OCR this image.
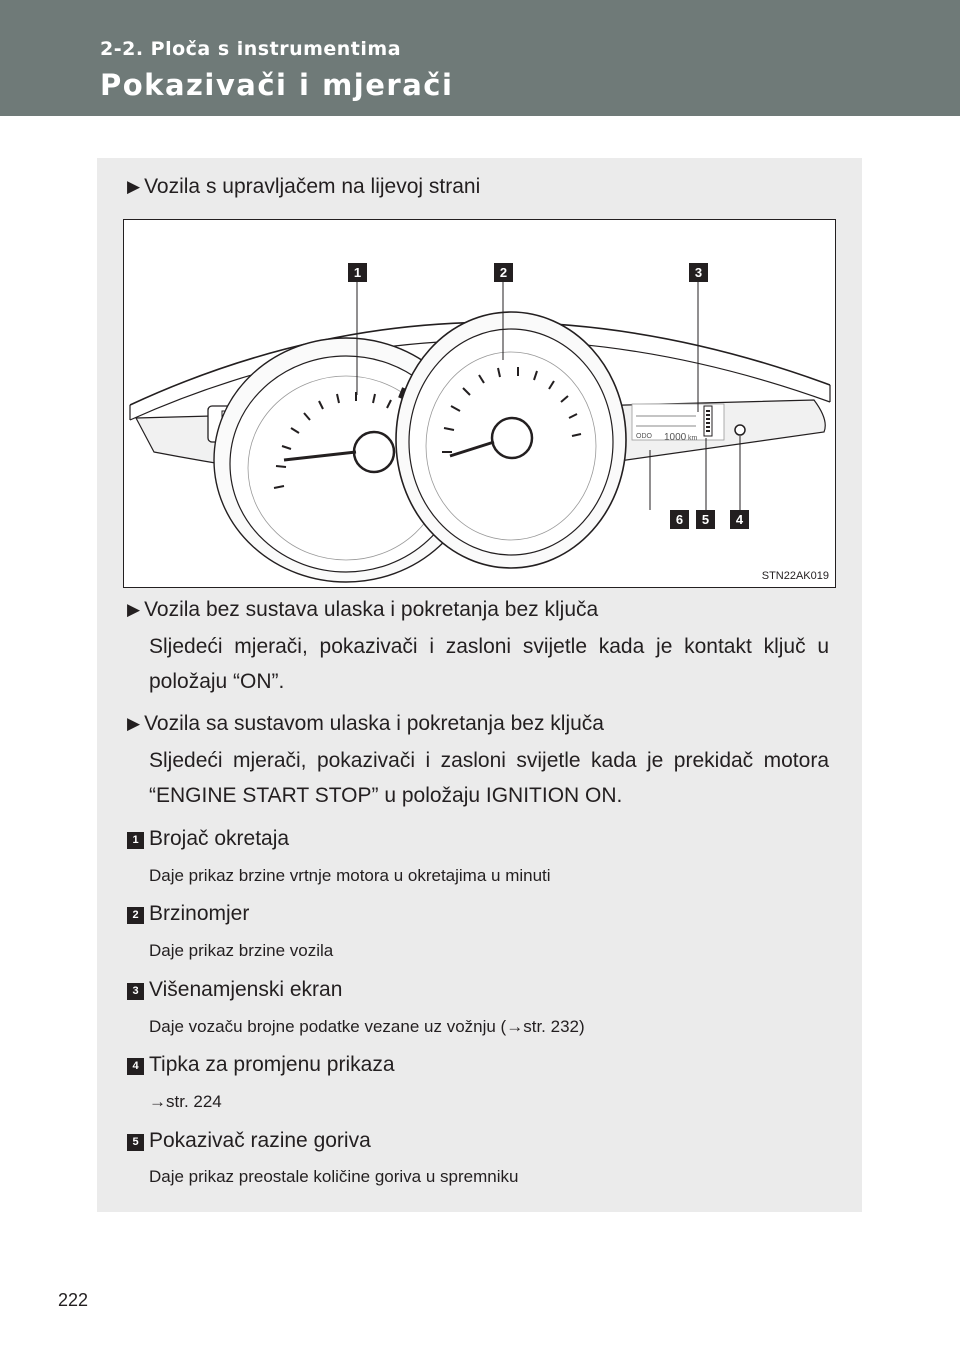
2-2. Ploča s instrumentima
Pokazivači i mjerači
▶ Vozila s upravljačem na lijevoj strani
ODO 1000 km
1	2	3
4
5
6
STN22AK019
▶ Vozila bez sustava ulaska i pokretanja bez ključa
Sljedeći mjerači, pokazivači i zasloni svijetle kada je kontakt ključ u položaju “ON”.
▶ Vozila sa sustavom ulaska i pokretanja bez ključa
Sljedeći mjerači, pokazivači i zasloni svijetle kada je prekidač motora “ENGINE START STOP” u položaju IGNITION ON.
1 Brojač okretaja
Daje prikaz brzine vrtnje motora u okretajima u minuti
2 Brzinomjer
Daje prikaz brzine vozila
3 Višenamjenski ekran
Daje vozaču brojne podatke vezane uz vožnju (→str. 232)
4 Tipka za promjenu prikaza
→str. 224
5 Pokazivač razine goriva
Daje prikaz preostale količine goriva u spremniku
222
